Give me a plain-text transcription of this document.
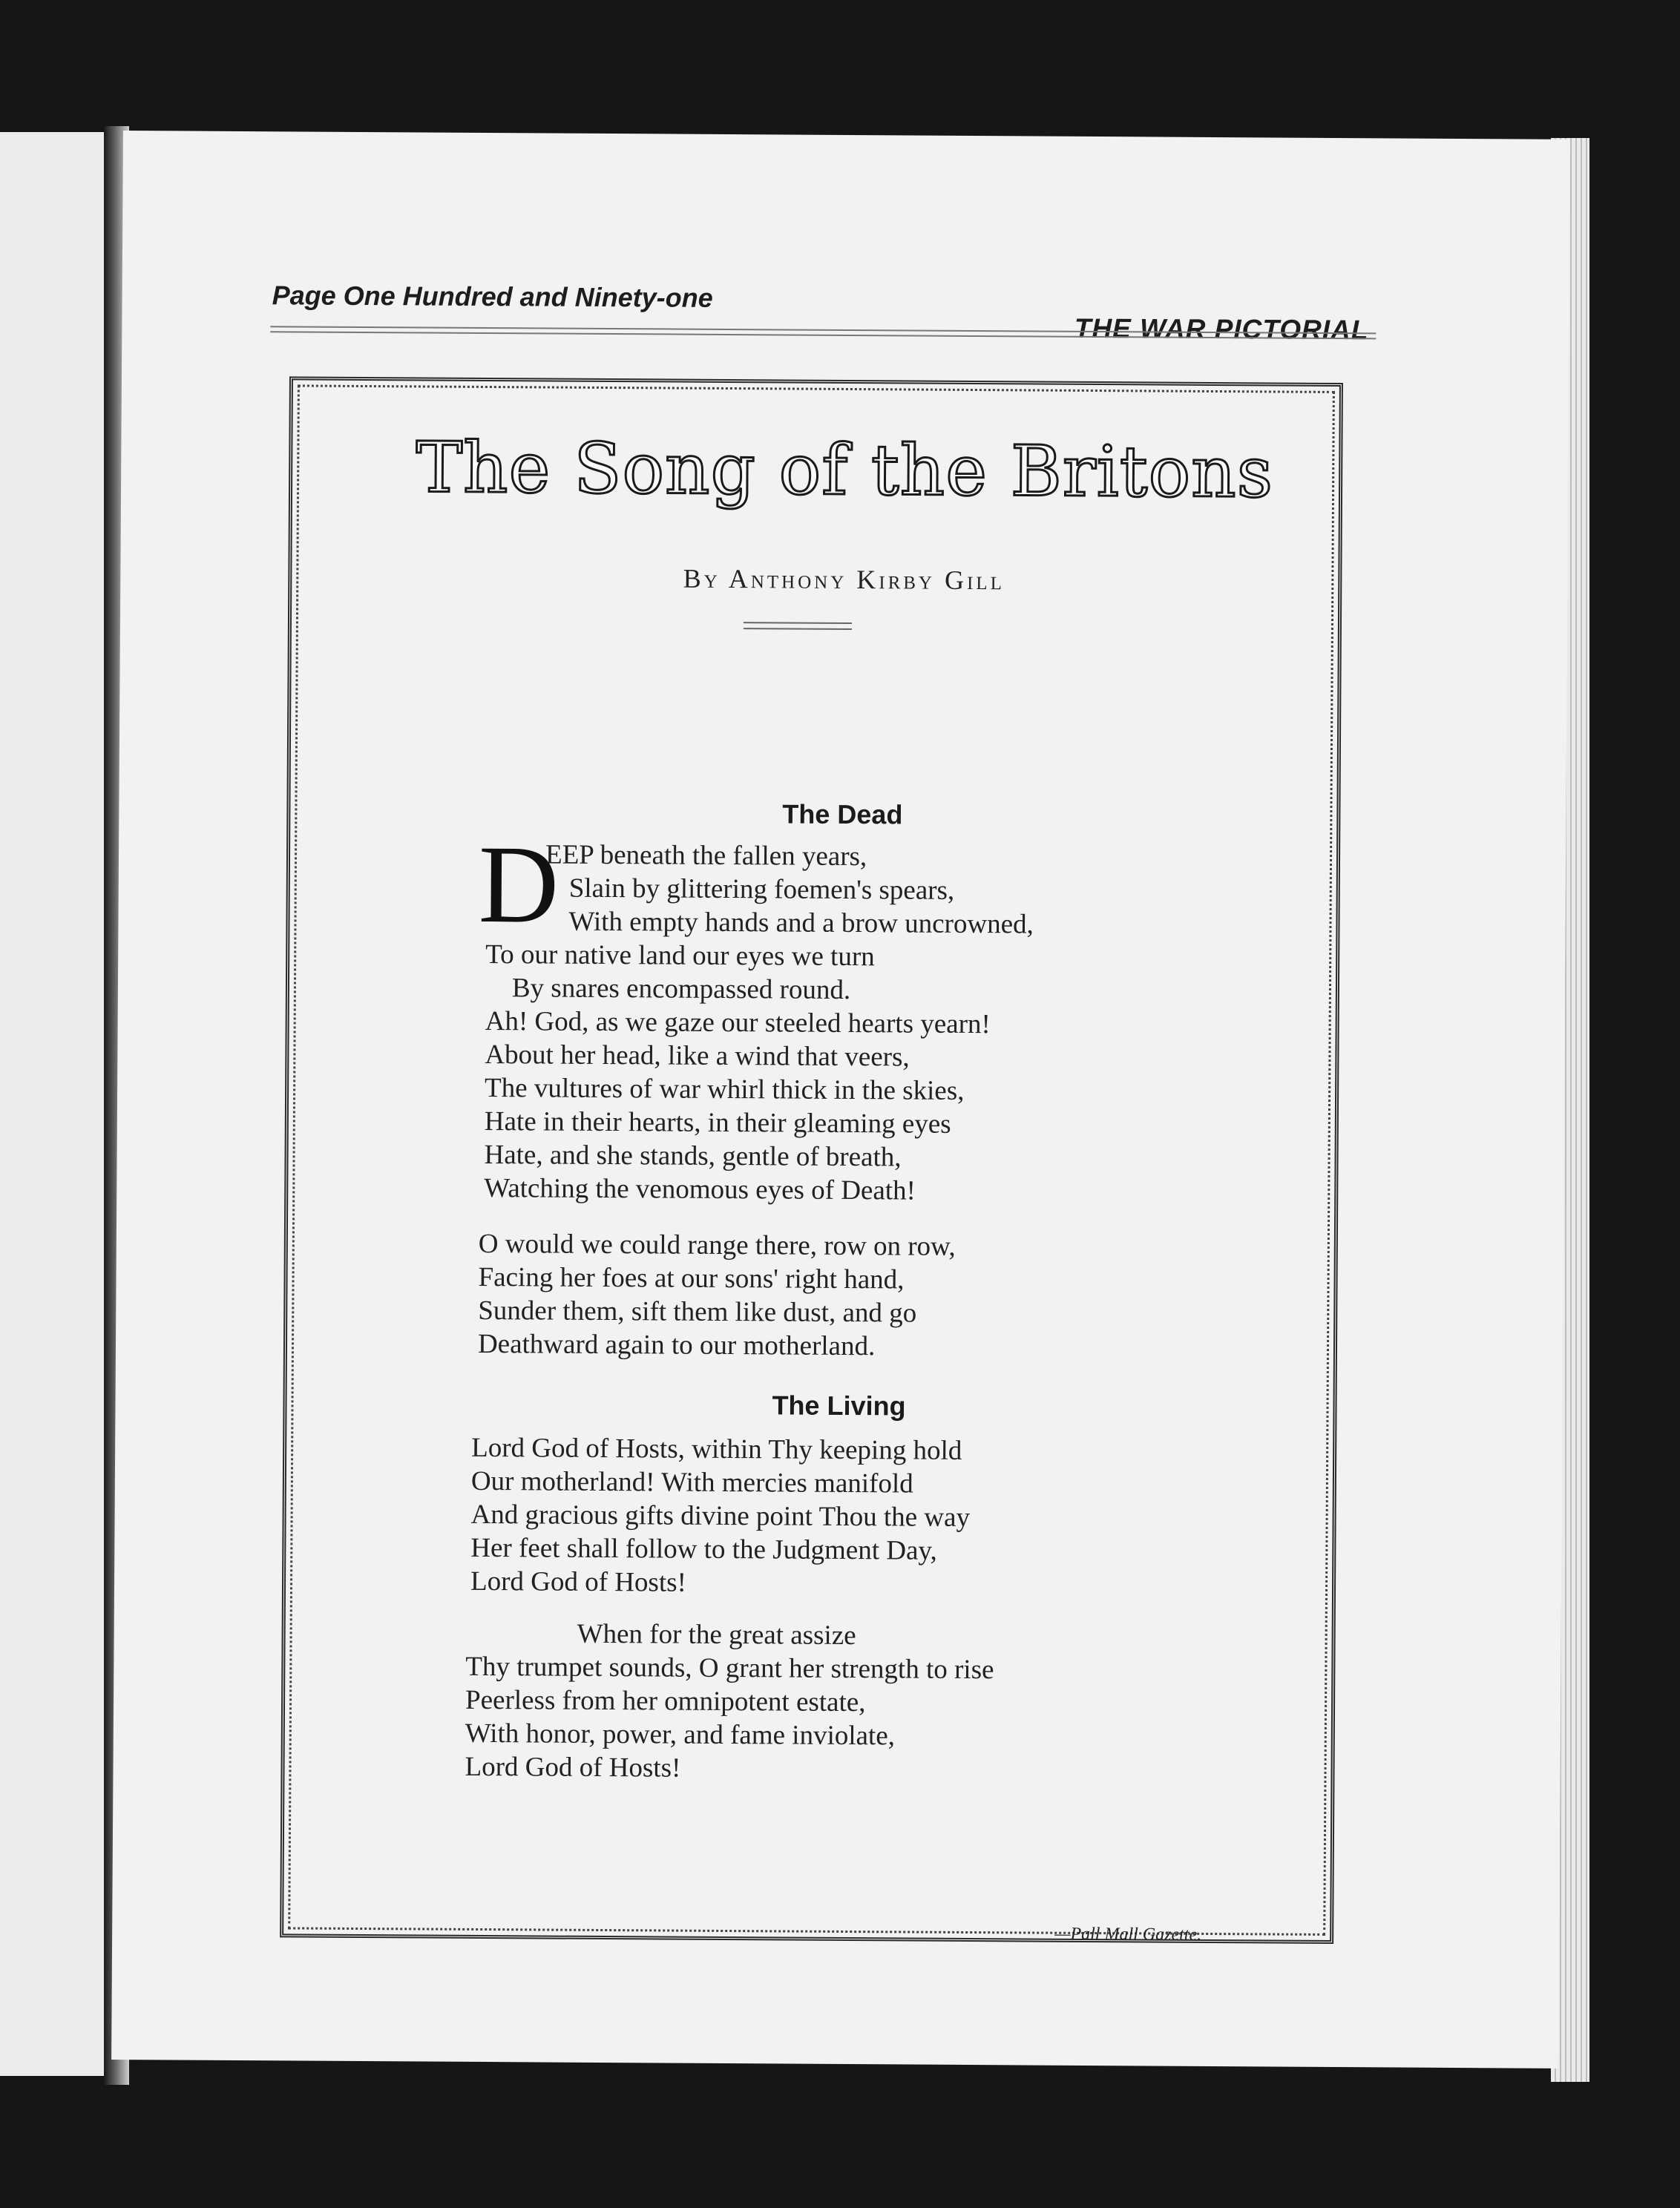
Page One Hundred and Ninety-one
THE WAR PICTORIAL
The Song of the Britons
By Anthony Kirby Gill
The Dead
D
EEP beneath the fallen years,
Slain by glittering foemen's spears,
With empty hands and a brow uncrowned,
To our native land our eyes we turn
By snares encompassed round.
Ah! God, as we gaze our steeled hearts yearn!
About her head, like a wind that veers,
The vultures of war whirl thick in the skies,
Hate in their hearts, in their gleaming eyes
Hate, and she stands, gentle of breath,
Watching the venomous eyes of Death!
O would we could range there, row on row,
Facing her foes at our sons' right hand,
Sunder them, sift them like dust, and go
Deathward again to our motherland.
The Living
Lord God of Hosts, within Thy keeping hold
Our motherland! With mercies manifold
And gracious gifts divine point Thou the way
Her feet shall follow to the Judgment Day,
Lord God of Hosts!
When for the great assize
Thy trumpet sounds, O grant her strength to rise
Peerless from her omnipotent estate,
With honor, power, and fame inviolate,
Lord God of Hosts!
—Pall Mall Gazette.
